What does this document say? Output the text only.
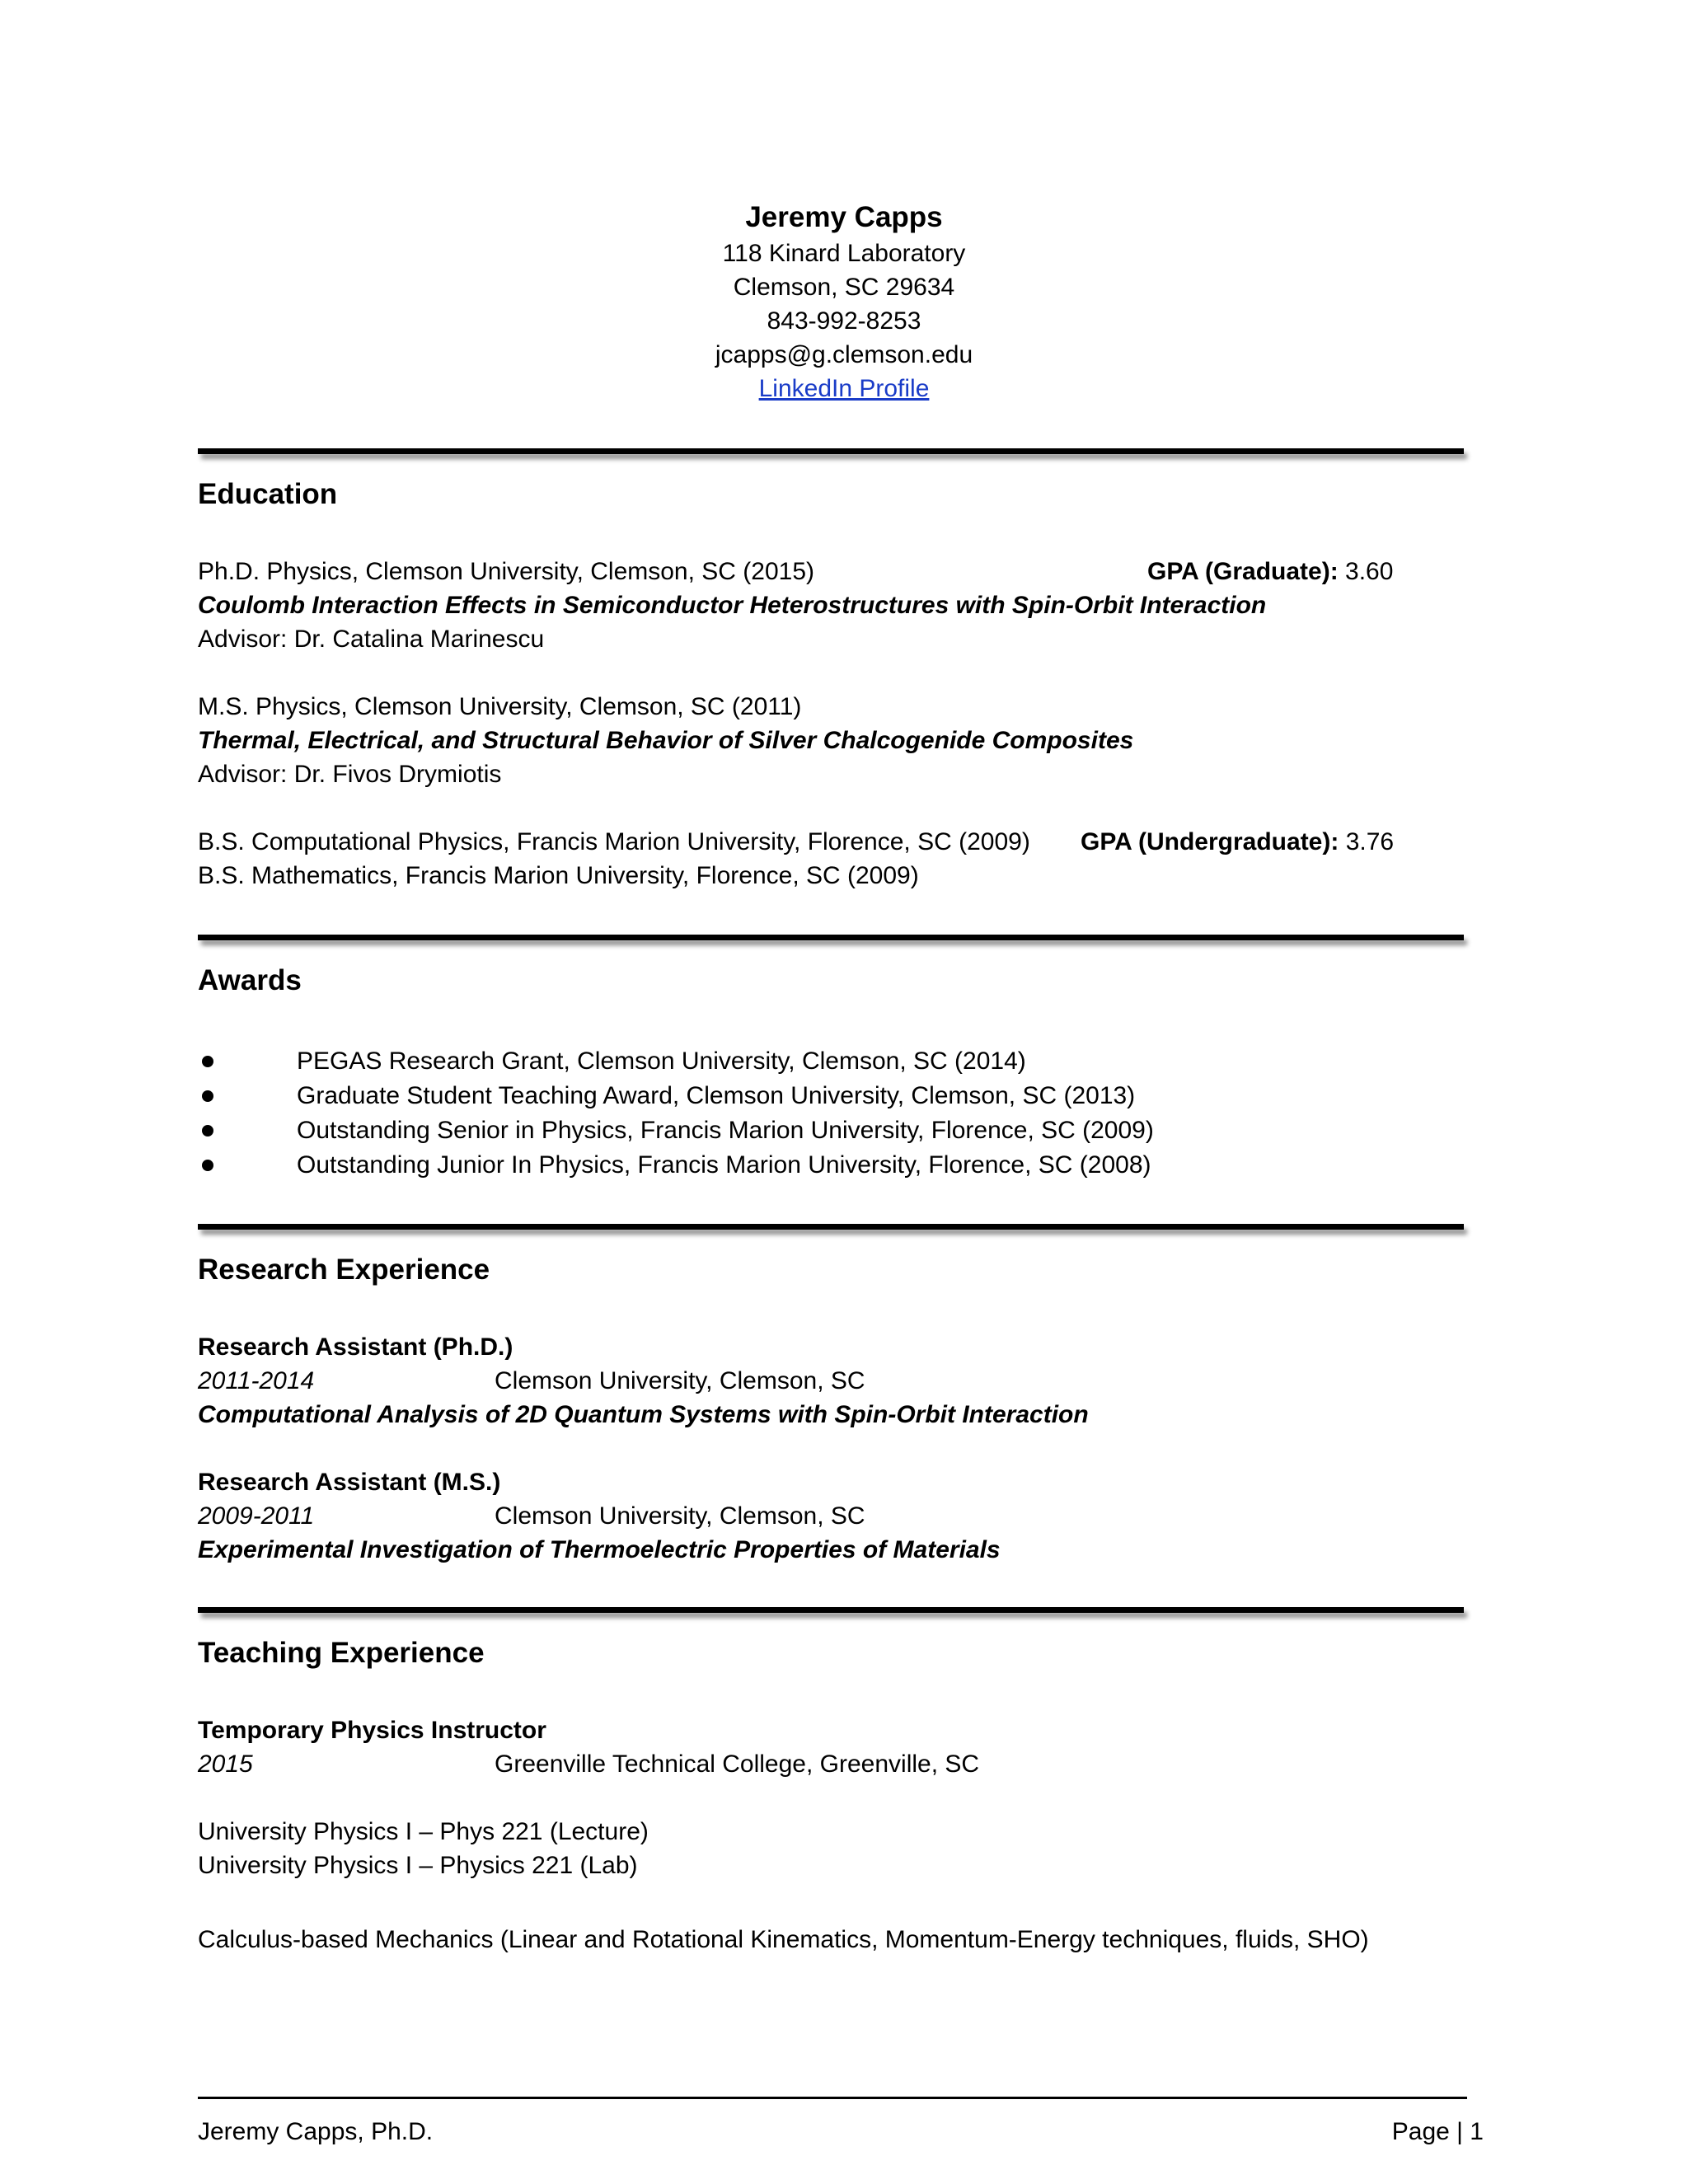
Jeremy Capps
118 Kinard Laboratory
Clemson, SC 29634
843-992-8253
jcapps@g.clemson.edu
LinkedIn Profile
Education
Ph.D. Physics, Clemson University, Clemson, SC (2015)	GPA (Graduate): 3.60
Coulomb Interaction Effects in Semiconductor Heterostructures with Spin-Orbit Interaction
Advisor: Dr. Catalina Marinescu
M.S. Physics, Clemson University, Clemson, SC (2011)
Thermal, Electrical, and Structural Behavior of Silver Chalcogenide Composites
Advisor: Dr. Fivos Drymiotis
B.S. Computational Physics, Francis Marion University, Florence, SC (2009) GPA (Undergraduate): 3.76
B.S. Mathematics, Francis Marion University, Florence, SC (2009)
Awards
PEGAS Research Grant, Clemson University, Clemson, SC (2014)
Graduate Student Teaching Award, Clemson University, Clemson, SC (2013)
Outstanding Senior in Physics, Francis Marion University, Florence, SC (2009)
Outstanding Junior In Physics, Francis Marion University, Florence, SC (2008)
Research Experience
Research Assistant (Ph.D.)
2011-2014	Clemson University, Clemson, SC
Computational Analysis of 2D Quantum Systems with Spin-Orbit Interaction
Research Assistant (M.S.)
2009-2011	Clemson University, Clemson, SC
Experimental Investigation of Thermoelectric Properties of Materials
Teaching Experience
Temporary Physics Instructor
2015	Greenville Technical College, Greenville, SC
University Physics I – Phys 221 (Lecture)
University Physics I – Physics 221 (Lab)
Calculus-based Mechanics (Linear and Rotational Kinematics, Momentum-Energy techniques, fluids, SHO)
Jeremy Capps, Ph.D.	Page | 1
